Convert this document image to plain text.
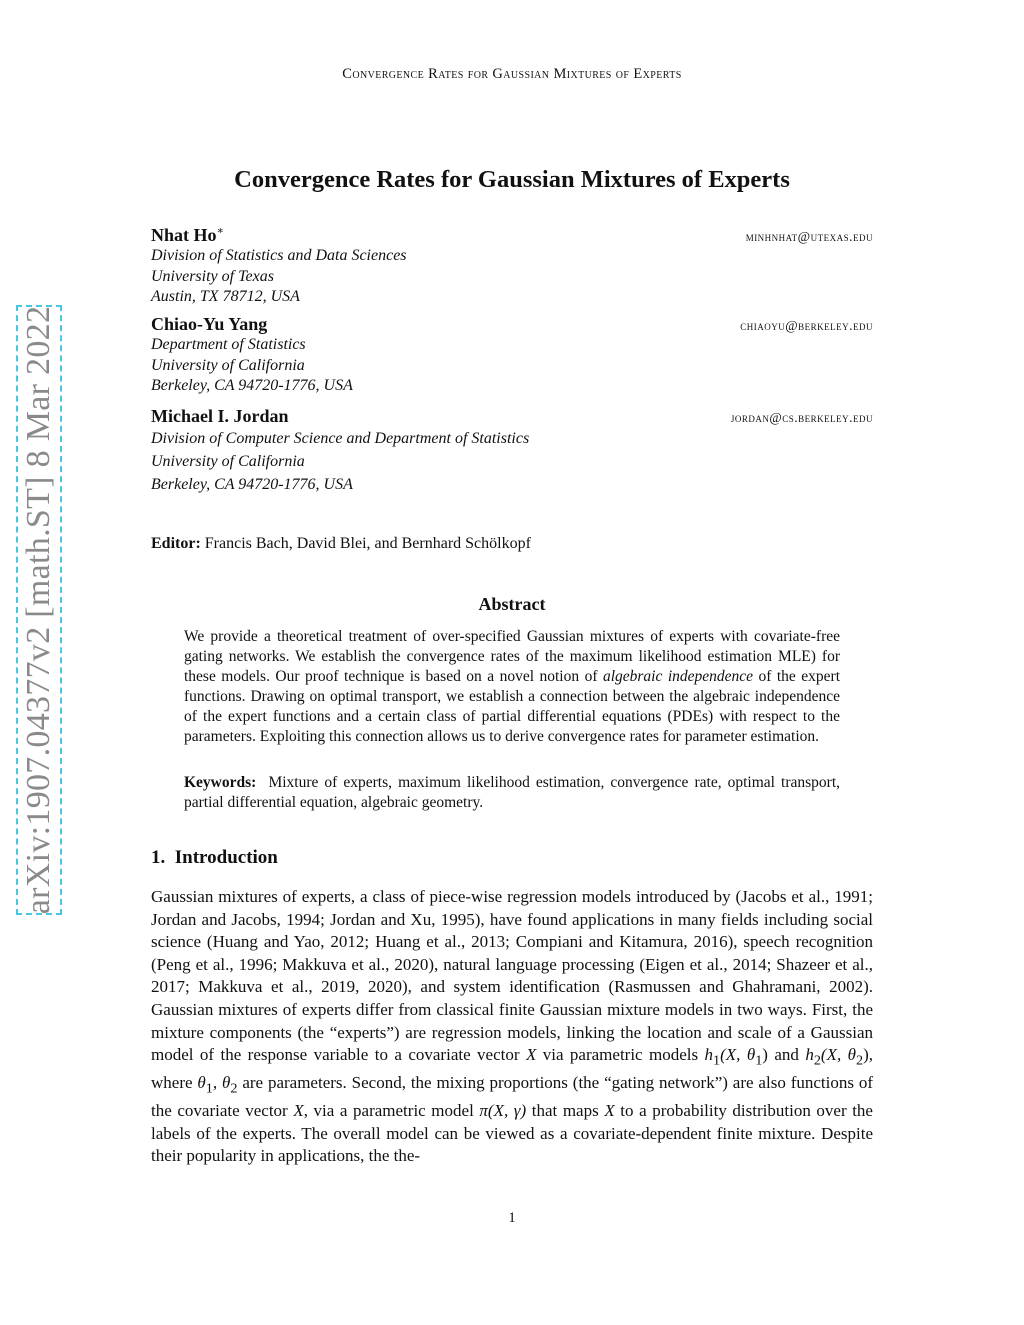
Convergence Rates for Gaussian Mixtures of Experts
arXiv:1907.04377v2 [math.ST] 8 Mar 2022
Convergence Rates for Gaussian Mixtures of Experts
Nhat Ho∗	minhnhat@utexas.edu
Division of Statistics and Data Sciences
University of Texas
Austin, TX 78712, USA
Chiao-Yu Yang	chiaoyu@berkeley.edu
Department of Statistics
University of California
Berkeley, CA 94720-1776, USA
Michael I. Jordan	jordan@cs.berkeley.edu
Division of Computer Science and Department of Statistics
University of California
Berkeley, CA 94720-1776, USA
Editor: Francis Bach, David Blei, and Bernhard Schölkopf
Abstract
We provide a theoretical treatment of over-specified Gaussian mixtures of experts with covariate-free gating networks. We establish the convergence rates of the maximum likelihood estimation MLE) for these models. Our proof technique is based on a novel notion of algebraic independence of the expert functions. Drawing on optimal transport, we establish a connection between the algebraic independence of the expert functions and a certain class of partial differential equations (PDEs) with respect to the parameters. Exploiting this connection allows us to derive convergence rates for parameter estimation.
Keywords: Mixture of experts, maximum likelihood estimation, convergence rate, optimal transport, partial differential equation, algebraic geometry.
1. Introduction
Gaussian mixtures of experts, a class of piece-wise regression models introduced by (Jacobs et al., 1991; Jordan and Jacobs, 1994; Jordan and Xu, 1995), have found applications in many fields including social science (Huang and Yao, 2012; Huang et al., 2013; Compiani and Kitamura, 2016), speech recognition (Peng et al., 1996; Makkuva et al., 2020), natural language processing (Eigen et al., 2014; Shazeer et al., 2017; Makkuva et al., 2019, 2020), and system identification (Rasmussen and Ghahramani, 2002). Gaussian mixtures of experts differ from classical finite Gaussian mixture models in two ways. First, the mixture components (the “experts”) are regression models, linking the location and scale of a Gaussian model of the response variable to a covariate vector X via parametric models $h_1(X$, $\theta_1$) and $h_2(X$, $\theta_2$), where $\theta_1$, $\theta_2$ are parameters. Second, the mixing proportions (the “gating network”) are also functions of the covariate vector X, via a parametric model π(X, γ) that maps X to a probability distribution over the labels of the experts. The overall model can be viewed as a covariate-dependent finite mixture. Despite their popularity in applications, the the-
1
